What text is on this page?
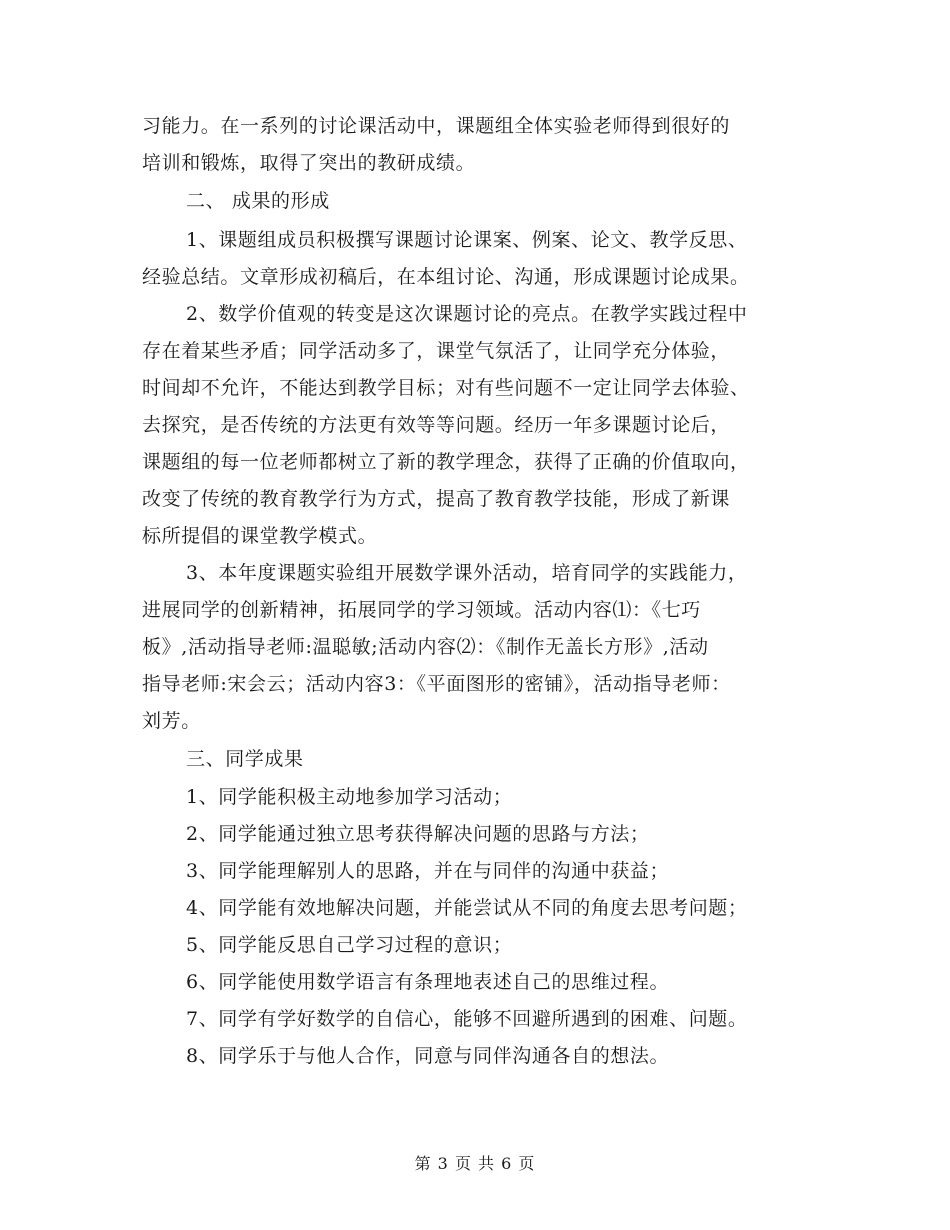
习能力。在一系列的讨论课活动中，课题组全体实验老师得到很好的
培训和锻炼，取得了突出的教研成绩。
二、 成果的形成
1、课题组成员积极撰写课题讨论课案、例案、论文、教学反思、
经验总结。文章形成初稿后，在本组讨论、沟通，形成课题讨论成果。
2、数学价值观的转变是这次课题讨论的亮点。在教学实践过程中
存在着某些矛盾；同学活动多了，课堂气氛活了，让同学充分体验，
时间却不允许，不能达到教学目标；对有些问题不一定让同学去体验、
去探究，是否传统的方法更有效等等问题。经历一年多课题讨论后，
课题组的每一位老师都树立了新的教学理念，获得了正确的价值取向，
改变了传统的教育教学行为方式，提高了教育教学技能，形成了新课
标所提倡的课堂教学模式。
3、本年度课题实验组开展数学课外活动，培育同学的实践能力，
进展同学的创新精神，拓展同学的学习领域。活动内容⑴：《七巧
板》,活动指导老师:温聪敏;活动内容⑵：《制作无盖长方形》,活动
指导老师:宋会云；活动内容3：《平面图形的密铺》，活动指导老师：
刘芳。
三、同学成果
1、同学能积极主动地参加学习活动；
2、同学能通过独立思考获得解决问题的思路与方法；
3、同学能理解别人的思路，并在与同伴的沟通中获益；
4、同学能有效地解决问题，并能尝试从不同的角度去思考问题；
5、同学能反思自己学习过程的意识；
6、同学能使用数学语言有条理地表述自己的思维过程。
7、同学有学好数学的自信心，能够不回避所遇到的困难、问题。
8、同学乐于与他人合作，同意与同伴沟通各自的想法。
第 3 页 共 6 页
